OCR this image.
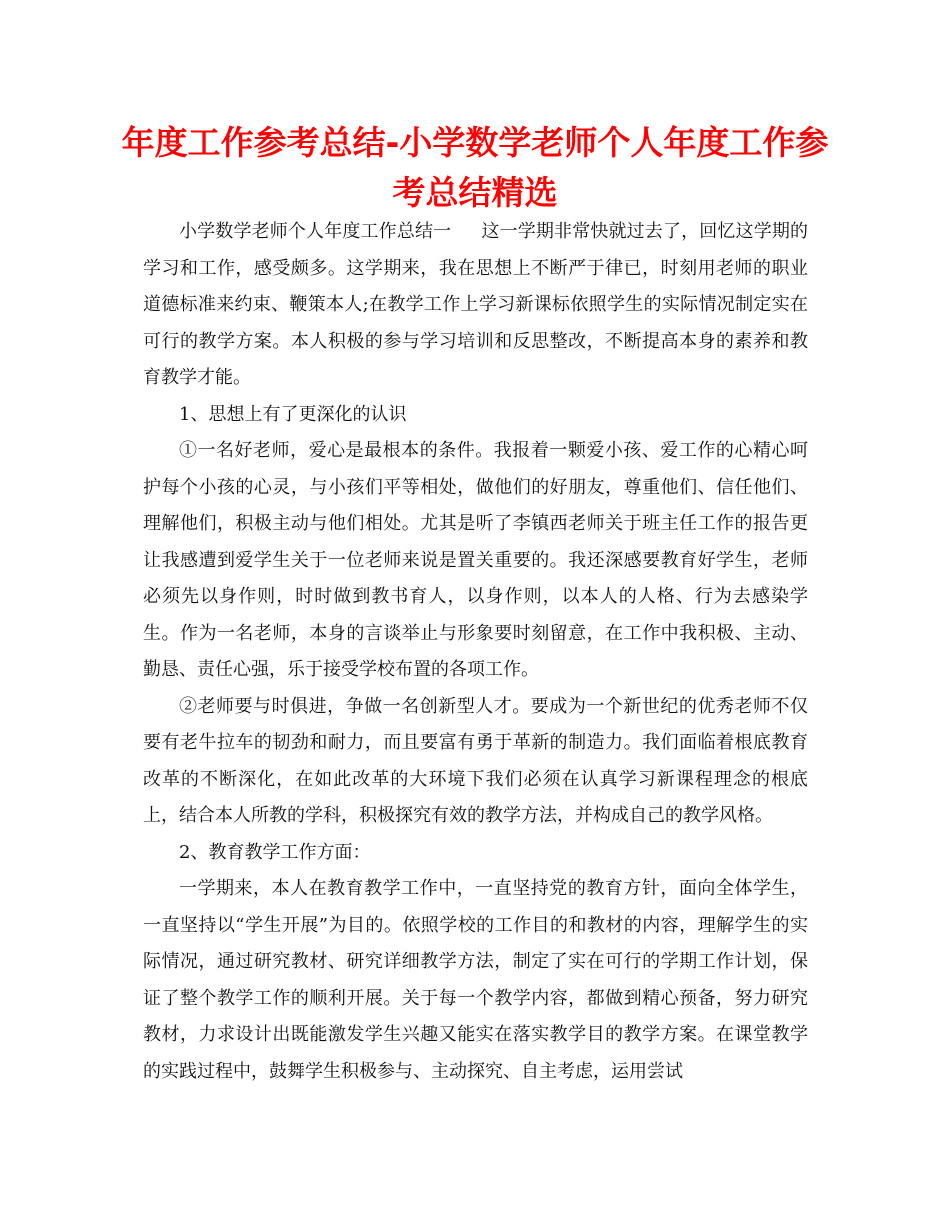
年度工作参考总结-小学数学老师个人年度工作参考总结精选

小学数学老师个人年度工作总结一 这一学期非常快就过去了，回忆这学期的学习和工作，感受颇多。这学期来，我在思想上不断严于律已，时刻用老师的职业道德标准来约束、鞭策本人;在教学工作上学习新课标依照学生的实际情况制定实在可行的教学方案。本人积极的参与学习培训和反思整改，不断提高本身的素养和教育教学才能。

1、思想上有了更深化的认识

①一名好老师，爱心是最根本的条件。我报着一颗爱小孩、爱工作的心精心呵护每个小孩的心灵，与小孩们平等相处，做他们的好朋友，尊重他们、信任他们、理解他们，积极主动与他们相处。尤其是听了李镇西老师关于班主任工作的报告更让我感遭到爱学生关于一位老师来说是置关重要的。我还深感要教育好学生，老师必须先以身作则，时时做到教书育人，以身作则，以本人的人格、行为去感染学生。作为一名老师，本身的言谈举止与形象要时刻留意，在工作中我积极、主动、勤恳、责任心强，乐于接受学校布置的各项工作。

②老师要与时俱进，争做一名创新型人才。要成为一个新世纪的优秀老师不仅要有老牛拉车的韧劲和耐力，而且要富有勇于革新的制造力。我们面临着根底教育改革的不断深化，在如此改革的大环境下我们必须在认真学习新课程理念的根底上，结合本人所教的学科，积极探究有效的教学方法，并构成自己的教学风格。

2、教育教学工作方面：

一学期来，本人在教育教学工作中，一直坚持党的教育方针，面向全体学生，一直坚持以“学生开展”为目的。依照学校的工作目的和教材的内容，理解学生的实际情况，通过研究教材、研究详细教学方法，制定了实在可行的学期工作计划，保证了整个教学工作的顺利开展。关于每一个教学内容，都做到精心预备，努力研究教材，力求设计出既能激发学生兴趣又能实在落实教学目的教学方案。在课堂教学的实践过程中，鼓舞学生积极参与、主动探究、自主考虑，运用尝试
